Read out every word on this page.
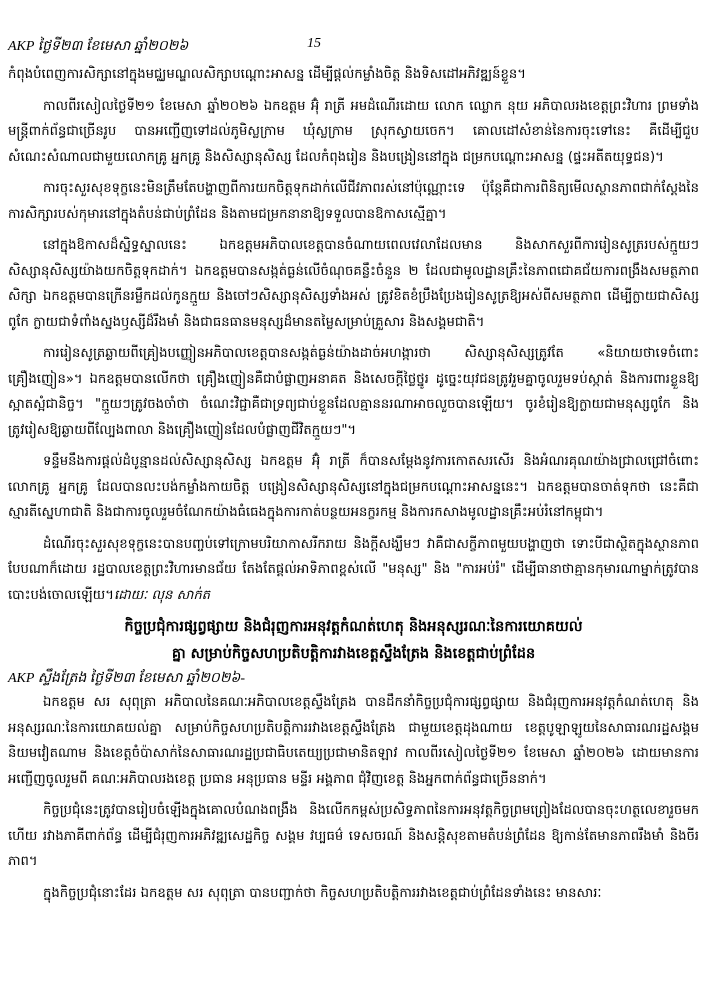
AKP ថ្ងៃទី២៣ ខែមេសា ឆ្នាំ២០២៦	15

កំពុងបំពេញការសិក្សានៅក្នុងមជ្ឈមណ្ឌលសិក្សាបណ្ដោះអាសន្ន ដើម្បីផ្ដល់កម្លាំងចិត្ត និងទិសដៅអភិវឌ្ឍន៍ខ្លួន។

កាលពីរសៀលថ្ងៃទី២១ ខែមេសា ឆ្នាំ២០២៦ ឯកឧត្តម អ៊ុំ រាត្រី អមដំណើរដោយ លោក ឈ្លោក នុយ អភិបាលរងខេត្តព្រះវិហារ ព្រមទាំងមន្ត្រីពាក់ព័ន្ធជាច្រើនរូប បានអញ្ជើញទៅដល់ភូមិស្លក្រាម ឃុំស្លក្រាម ស្រុកស្វាយចេក។ គោលដៅសំខាន់នៃការចុះទៅនេះ គឺដើម្បីជួបសំណេះសំណាលជាមួយលោកគ្រូ អ្នកគ្រូ និងសិស្សានុសិស្ស ដែលកំពុងរៀន និងបង្រៀននៅក្នុង ជម្រកបណ្ដោះអាសន្ន (ផ្ទះអតីតយុទ្ធជន)។

ការចុះសួរសុខទុក្ខនេះមិនត្រឹមតែបង្ហាញពីការយកចិត្តទុកដាក់លើជីវភាពរស់នៅប៉ុណ្ណោះទេ ប៉ុន្តែគឺជាការពិនិត្យមើលស្ថានភាពជាក់ស្ដែងនៃការសិក្សារបស់កុមារនៅក្នុងតំបន់ជាប់ព្រំដែន និងតាមជម្រកនានាឱ្យទទួលបានឱកាសស្មើគ្នា។

នៅក្នុងឱកាសដ៏ស្និទ្ធស្នាលនេះ ឯកឧត្តមអភិបាលខេត្តបានចំណាយពេលវេលាដែលមាន និងសាកសួរពីការរៀនសូត្ររបស់ក្មួយៗសិស្សានុសិស្សយ៉ាងយកចិត្តទុកដាក់។ ឯកឧត្តមបានសង្កត់ធ្ងន់លើចំណុចគន្លឹះចំនួន ២ ដែលជាមូលដ្ឋានគ្រឹះនៃភាពជោគជ័យការពង្រឹងសមត្ថភាពសិក្សា ឯកឧត្តមបានក្រើនរម្លឹកដល់កូនក្មួយ និងចៅៗសិស្សានុសិស្សទាំងអស់ ត្រូវខិតខំប្រឹងប្រែងរៀនសូត្រឱ្យអស់ពីសមត្ថភាព ដើម្បីក្លាយជាសិស្សពូកែ ក្លាយជាទំពាំងស្នងឫស្សីដ៏រឹងមាំ និងជាធនធានមនុស្សដ៏មានតម្លៃសម្រាប់គ្រួសារ និងសង្គមជាតិ។

ការរៀនសូត្រឆ្លាយពីគ្រៀងបញ្ញៀនអភិបាលខេត្តបានសង្កត់ធ្ងន់យ៉ាងដាច់អហង្ការថា សិស្សានុសិស្សត្រូវតែ «និយាយថាទេចំពោះគ្រឿងញៀន»។ ឯកឧត្តមបានលើកថា គ្រឿងញៀនគឺជាបំផ្លាញអនាគត និងសេចក្ដីថ្លៃថ្នូរ ដូច្នេះយុវជនត្រូវរួមគ្នាចូលរួមទប់ស្កាត់ និងការពារខ្លួនឱ្យស្អាតស្អំជានិច្ច។ "ក្មួយៗត្រូវចងចាំថា ចំណេះវិជ្ជាគឺជាទ្រព្យជាប់ខ្លួនដែលគ្មាននរណាអាចលួចបានឡើយ។ ចូរខំរៀនឱ្យក្លាយជាមនុស្សពូកែ និងត្រូវរៀសឱ្យឆ្ងាយពីល្បែងពាលា និងគ្រឿងញៀនដែលបំផ្លាញជីវិតក្មួយៗ"។

ទន្ទឹមនឹងការផ្ដល់ដំបូន្មានដល់សិស្សានុសិស្ស ឯកឧត្តម អ៊ុំ រាត្រី ក៏បានសម្ដែងនូវការកោតសរសើរ និងអំណរគុណយ៉ាងជ្រាលជ្រៅចំពោះ លោកគ្រូ អ្នកគ្រូ ដែលបានលះបង់កម្លាំងកាយចិត្ត បង្រៀនសិស្សានុសិស្សនៅក្នុងជម្រកបណ្ដោះអាសន្ននេះ។ ឯកឧត្តមបានចាត់ទុកថា នេះគឺជាស្មារតីស្នេហាជាតិ និងជាការចូលរួមចំណែកយ៉ាងធំធេងក្នុងការកាត់បន្ថយអនក្ខរកម្ម និងការកសាងមូលដ្ឋានគ្រឹះអប់រំនៅកម្ពុជា។

ដំណើរចុះសួរសុខទុក្ខនេះបានបញ្ចប់ទៅក្រោមបរិយាកាសរីករាយ និងក្ដីសង្ឃឹមៗ វាគឺជាសក្ខីភាពមួយបង្ហាញថា ទោះបីជាស្ថិតក្នុងស្ថានភាពបែបណាក៏ដោយ រដ្ឋបាលខេត្តព្រះវិហារមានជ័យ តែងតែផ្ដល់អាទិភាពខ្ពស់លើ "មនុស្ស" និង "ការអប់រំ" ដើម្បីធានាថាគ្មានកុមារណាម្នាក់ត្រូវបានបោះបង់ចោលឡើយ។ដោយៈ លុន សាក់ត

កិច្ចប្រជុំការផ្សព្វផ្សាយ និងជំរុញការអនុវត្តកំណត់ហេតុ និងអនុស្សរណៈនៃការយោគយល់
គ្នា សម្រាប់កិច្ចសហប្រតិបត្តិការវាងខេត្តស្ទឹងត្រែង និងខេត្តជាប់ព្រំដែន

AKP ស្ទឹងត្រែង ថ្ងៃទី២៣ ខែមេសា ឆ្នាំ២០២៦-

ឯកឧត្តម សរ សុពុត្រា អភិបាលនៃគណៈអភិបាលខេត្តស្ទឹងត្រែង បានដឹកនាំកិច្ចប្រជុំការផ្សព្វផ្សាយ និងជំរុញការអនុវត្តកំណត់ហេតុ និងអនុស្សរណៈនៃការយោគយល់គ្នា សម្រាប់កិច្ចសហប្រតិបត្តិការរវាងខេត្តស្ទឹងត្រែង ជាមួយខេត្តដុងណាយ ខេត្តបូឡាឡូយនៃសាធារណរដ្ឋសង្គមនិយមវៀតណាម និងខេត្តចំប៉ាសាក់នៃសាធារណរដ្ឋប្រជាធិបតេយ្យប្រជាមានិតឡាវ កាលពីរសៀលថ្ងៃទី២១ ខែមេសា ឆ្នាំ២០២៦ ដោយមានការអញ្ជើញចូលរួមពី គណៈអភិបាលរងខេត្ត ប្រធាន អនុប្រធាន មន្ទីរ អង្គភាព ជុំវិញខេត្ត និងអ្នកពាក់ព័ន្ធជាច្រើននាក់។

កិច្ចប្រជុំនេះត្រូវបានរៀបចំឡើងក្នុងគោលបំណងពង្រឹង និងលើកកម្ពស់ប្រសិទ្ធភាពនៃការអនុវត្តកិច្ចព្រមព្រៀងដែលបានចុះហត្ថលេខារួចមកហើយ រវាងភាគីពាក់ព័ន្ធ ដើម្បីជំរុញការអភិវឌ្ឍសេដ្ឋកិច្ច សង្គម វប្បធម៌ ទេសចរណ៍ និងសន្តិសុខតាមតំបន់ព្រំដែន ឱ្យកាន់តែមានភាពរឹងមាំ និងចីរភាព។

ក្នុងកិច្ចប្រជុំនោះដែរ ឯកឧត្តម សរ សុពុត្រា បានបញ្ជាក់ថា កិច្ចសហប្រតិបត្តិការរវាងខេត្តជាប់ព្រំដែនទាំងនេះ មានសារៈ
